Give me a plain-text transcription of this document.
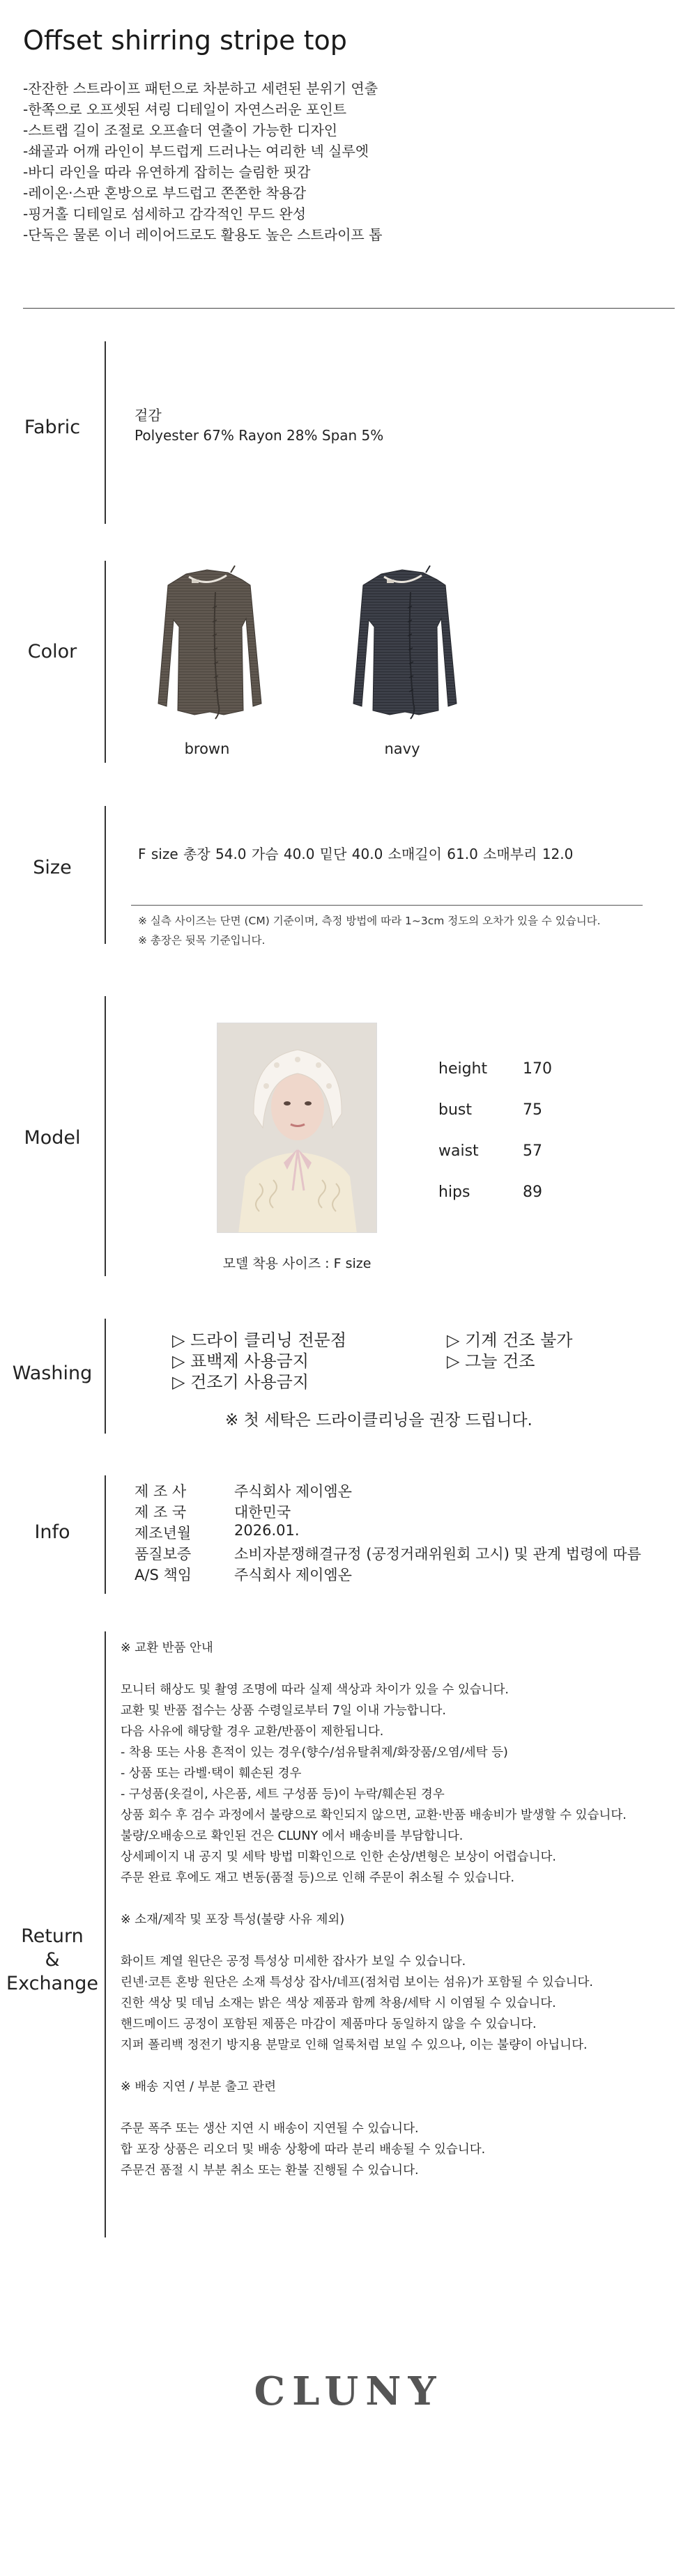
Offset shirring stripe top
-잔잔한 스트라이프 패턴으로 차분하고 세련된 분위기 연출
-한쪽으로 오프셋된 셔링 디테일이 자연스러운 포인트
-스트랩 길이 조절로 오프숄더 연출이 가능한 디자인
-쇄골과 어깨 라인이 부드럽게 드러나는 여리한 넥 실루엣
-바디 라인을 따라 유연하게 잡히는 슬림한 핏감
-레이온·스판 혼방으로 부드럽고 쫀쫀한 착용감
-핑거홀 디테일로 섬세하고 감각적인 무드 완성
-단독은 물론 이너 레이어드로도 활용도 높은 스트라이프 톱
Fabric
겉감
Polyester 67% Rayon 28% Span 5%
Color
brown	navy
Size
F size 총장 54.0 가슴 40.0 밑단 40.0 소매길이 61.0 소매부리 12.0
※ 실측 사이즈는 단면 (CM) 기준이며, 측정 방법에 따라 1~3cm 정도의 오차가 있을 수 있습니다.
※ 총장은 뒷목 기준입니다.
Model
모델 착용 사이즈 : F size
height 170
bust	75
waist	57
hips	89
Washing
▷ 드라이 클리닝 전문점
▷ 표백제 사용금지
▷ 건조기 사용금지
▷ 기계 건조 불가
▷ 그늘 건조
※ 첫 세탁은 드라이클리닝을 권장 드립니다.
Info
제 조 사	주식회사 제이엠온
제 조 국	대한민국
제조년월	2026.01.
품질보증	소비자분쟁해결규정 (공정거래위원회 고시) 및 관계 법령에 따름
A/S 책임	주식회사 제이엠온
Return
&
Exchange
※ 교환 반품 안내
모니터 해상도 및 촬영 조명에 따라 실제 색상과 차이가 있을 수 있습니다.
교환 및 반품 접수는 상품 수령일로부터 7일 이내 가능합니다.
다음 사유에 해당할 경우 교환/반품이 제한됩니다.
- 착용 또는 사용 흔적이 있는 경우(향수/섬유탈취제/화장품/오염/세탁 등)
- 상품 또는 라벨·택이 훼손된 경우
- 구성품(옷걸이, 사은품, 세트 구성품 등)이 누락/훼손된 경우
상품 회수 후 검수 과정에서 불량으로 확인되지 않으면, 교환·반품 배송비가 발생할 수 있습니다.
불량/오배송으로 확인된 건은 CLUNY 에서 배송비를 부담합니다.
상세페이지 내 공지 및 세탁 방법 미확인으로 인한 손상/변형은 보상이 어렵습니다.
주문 완료 후에도 재고 변동(품절 등)으로 인해 주문이 취소될 수 있습니다.
※ 소재/제작 및 포장 특성(불량 사유 제외)
화이트 계열 원단은 공정 특성상 미세한 잡사가 보일 수 있습니다.
린넨·코튼 혼방 원단은 소재 특성상 잡사/네프(점처럼 보이는 섬유)가 포함될 수 있습니다.
진한 색상 및 데님 소재는 밝은 색상 제품과 함께 착용/세탁 시 이염될 수 있습니다.
핸드메이드 공정이 포함된 제품은 마감이 제품마다 동일하지 않을 수 있습니다.
지퍼 폴리백 정전기 방지용 분말로 인해 얼룩처럼 보일 수 있으나, 이는 불량이 아닙니다.
※ 배송 지연 / 부분 출고 관련
주문 폭주 또는 생산 지연 시 배송이 지연될 수 있습니다.
합 포장 상품은 리오더 및 배송 상황에 따라 분리 배송될 수 있습니다.
주문건 품절 시 부분 취소 또는 환불 진행될 수 있습니다.
CLUNY
